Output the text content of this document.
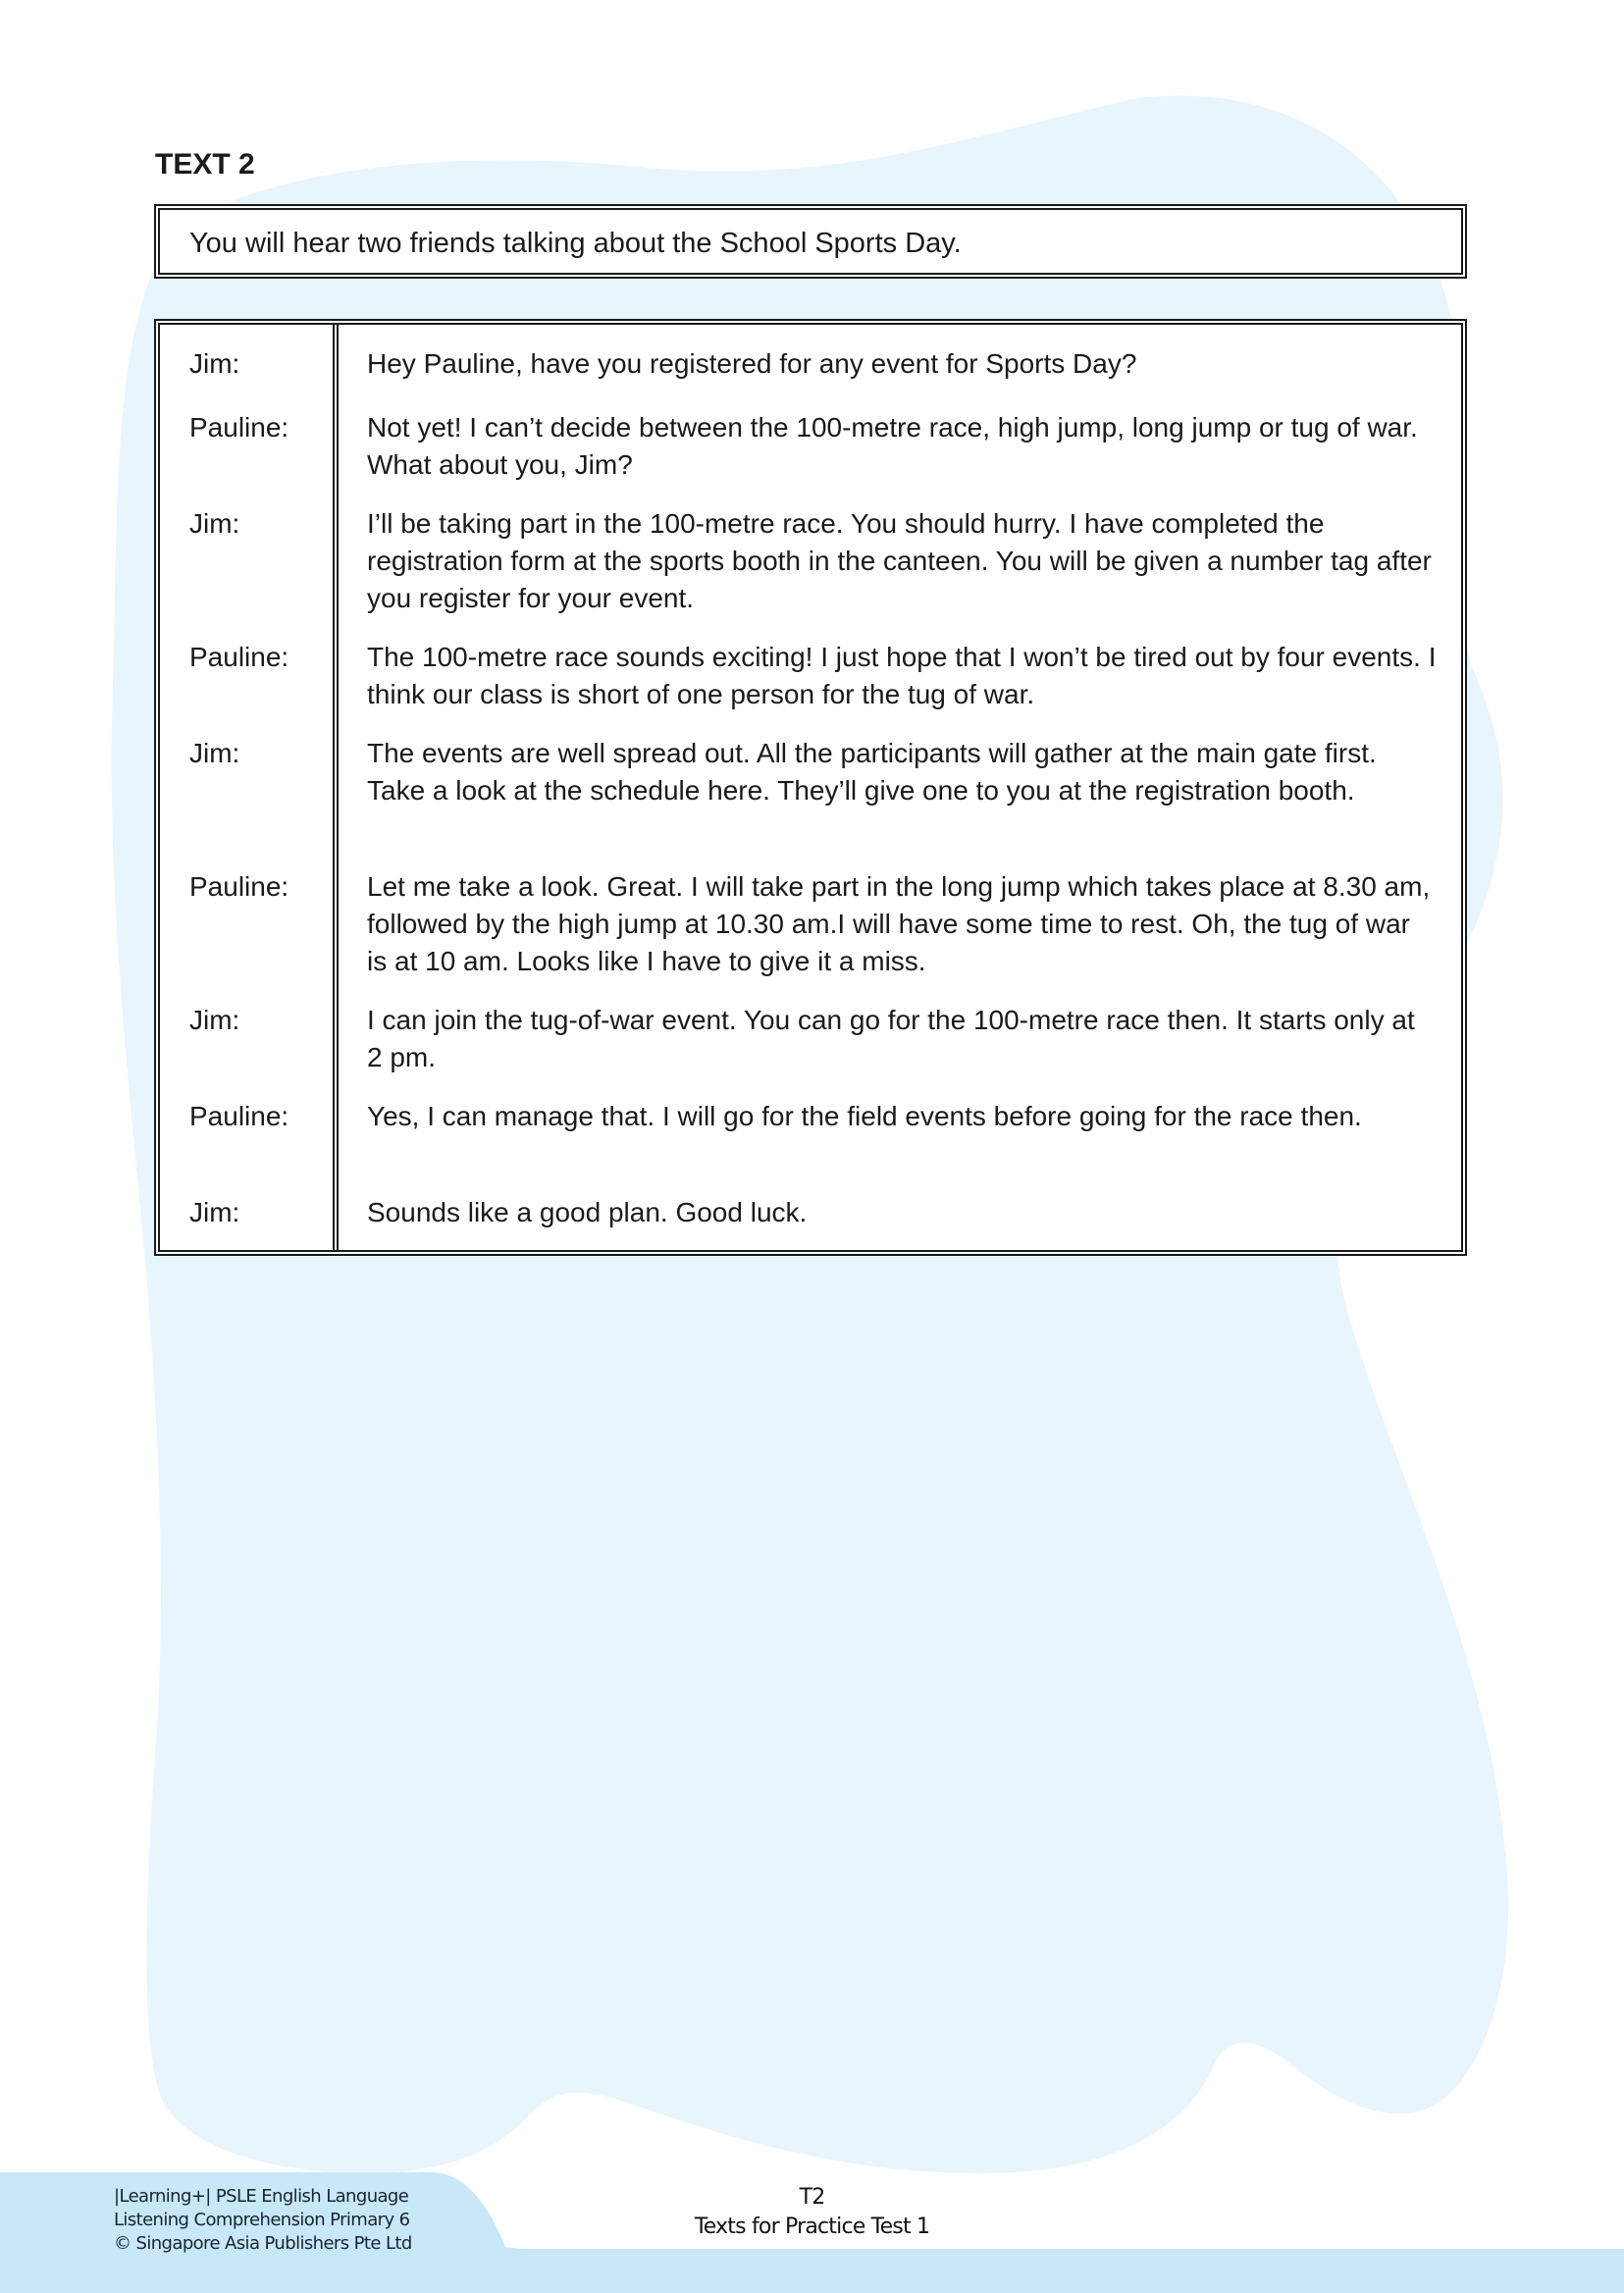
TEXT 2
You will hear two friends talking about the School Sports Day.
Jim:	Hey Pauline, have you registered for any event for Sports Day?
Pauline:	Not yet! I can’t decide between the 100-metre race, high jump, long jump or tug of war. What about you, Jim?
Jim:	I’ll be taking part in the 100-metre race. You should hurry. I have completed the registration form at the sports booth in the canteen. You will be given a number tag after you register for your event.
Pauline:	The 100-metre race sounds exciting! I just hope that I won’t be tired out by four events. I think our class is short of one person for the tug of war.
Jim:	The events are well spread out. All the participants will gather at the main gate first. Take a look at the schedule here. They’ll give one to you at the registration booth.
Pauline:	Let me take a look. Great. I will take part in the long jump which takes place at 8.30 am, followed by the high jump at 10.30 am.I will have some time to rest. Oh, the tug of war is at 10 am. Looks like I have to give it a miss.
Jim:	I can join the tug-of-war event. You can go for the 100-metre race then. It starts only at 2 pm.
Pauline:	Yes, I can manage that. I will go for the field events before going for the race then.
Jim:	Sounds like a good plan. Good luck.
|Learning+| PSLE English Language
Listening Comprehension Primary 6
© Singapore Asia Publishers Pte Ltd
T2
Texts for Practice Test 1
